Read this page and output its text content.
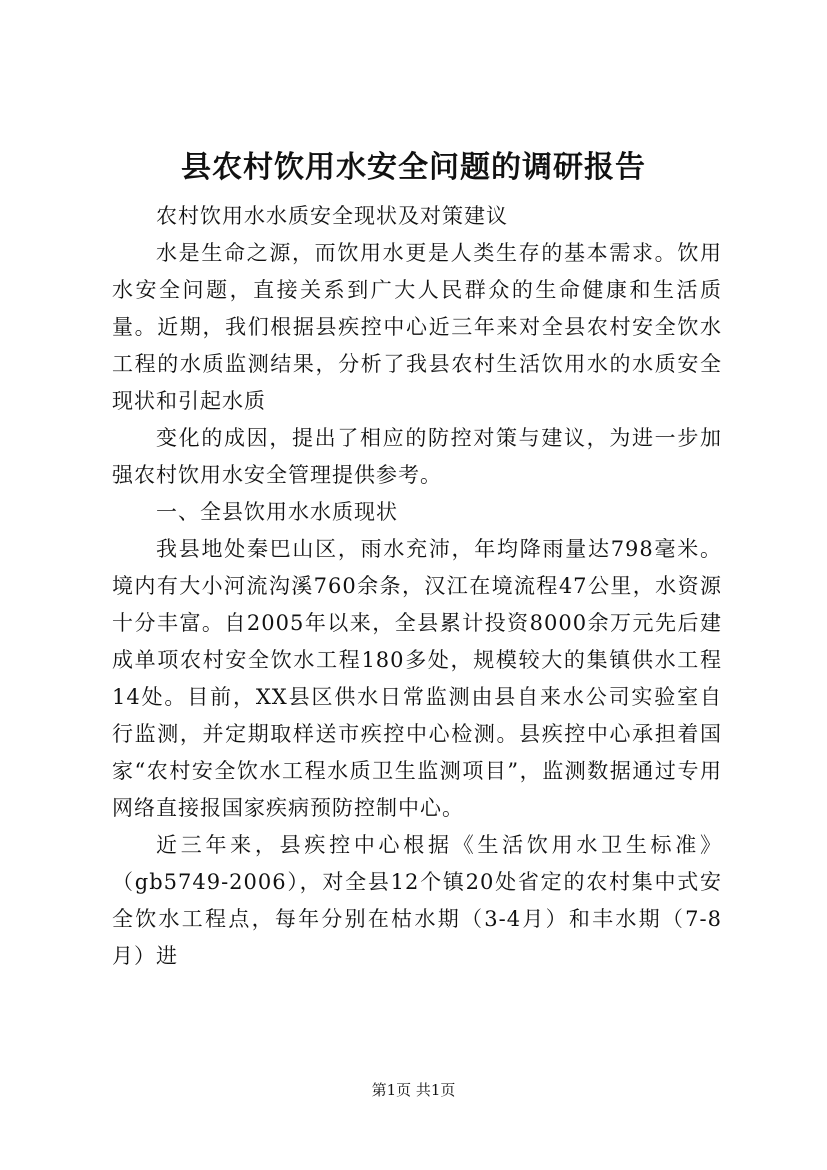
县农村饮用水安全问题的调研报告

农村饮用水水质安全现状及对策建议

水是生命之源，而饮用水更是人类生存的基本需求。饮用水安全问题，直接关系到广大人民群众的生命健康和生活质量。近期，我们根据县疾控中心近三年来对全县农村安全饮水工程的水质监测结果，分析了我县农村生活饮用水的水质安全现状和引起水质

变化的成因，提出了相应的防控对策与建议，为进一步加强农村饮用水安全管理提供参考。

一、全县饮用水水质现状

我县地处秦巴山区，雨水充沛，年均降雨量达798毫米。境内有大小河流沟溪760余条，汉江在境流程47公里，水资源十分丰富。自2005年以来，全县累计投资8000余万元先后建成单项农村安全饮水工程180多处，规模较大的集镇供水工程14处。目前，XX县区供水日常监测由县自来水公司实验室自行监测，并定期取样送市疾控中心检测。县疾控中心承担着国家“农村安全饮水工程水质卫生监测项目”，监测数据通过专用网络直接报国家疾病预防控制中心。

近三年来，县疾控中心根据《生活饮用水卫生标准》（gb5749-2006），对全县12个镇20处省定的农村集中式安全饮水工程点，每年分别在枯水期（3-4月）和丰水期（7-8月）进

第1页 共1页
